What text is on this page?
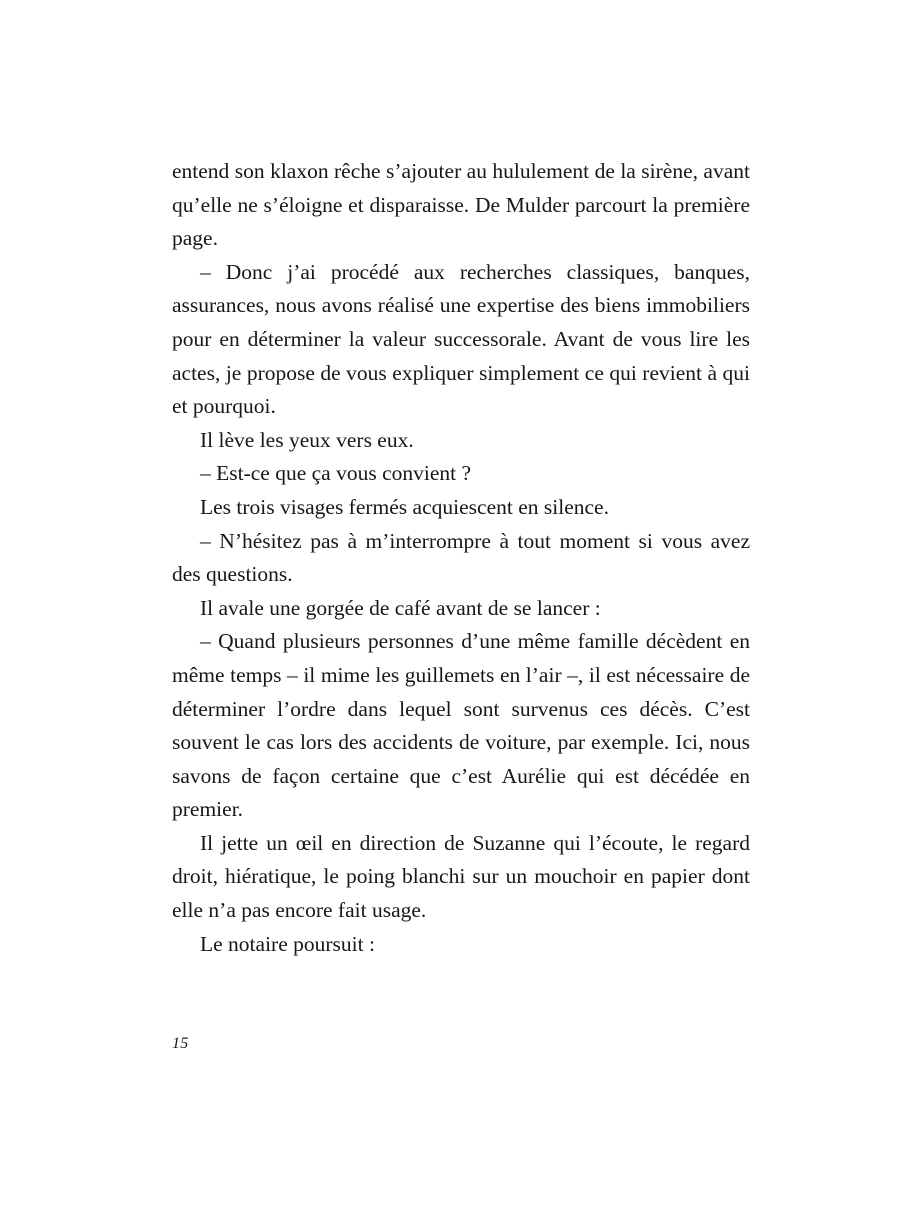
entend son klaxon rêche s’ajouter au hululement de la sirène, avant qu’elle ne s’éloigne et disparaisse. De Mulder parcourt la première page.

– Donc j’ai procédé aux recherches classiques, banques, assurances, nous avons réalisé une expertise des biens immobiliers pour en déterminer la valeur successorale. Avant de vous lire les actes, je propose de vous expliquer simplement ce qui revient à qui et pourquoi.

Il lève les yeux vers eux.

– Est-ce que ça vous convient ?

Les trois visages fermés acquiescent en silence.

– N’hésitez pas à m’interrompre à tout moment si vous avez des questions.

Il avale une gorgée de café avant de se lancer :

– Quand plusieurs personnes d’une même famille décèdent en même temps – il mime les guillemets en l’air –, il est nécessaire de déterminer l’ordre dans lequel sont survenus ces décès. C’est souvent le cas lors des accidents de voiture, par exemple. Ici, nous savons de façon certaine que c’est Aurélie qui est décédée en premier.

Il jette un œil en direction de Suzanne qui l’écoute, le regard droit, hiératique, le poing blanchi sur un mouchoir en papier dont elle n’a pas encore fait usage.

Le notaire poursuit :

15
